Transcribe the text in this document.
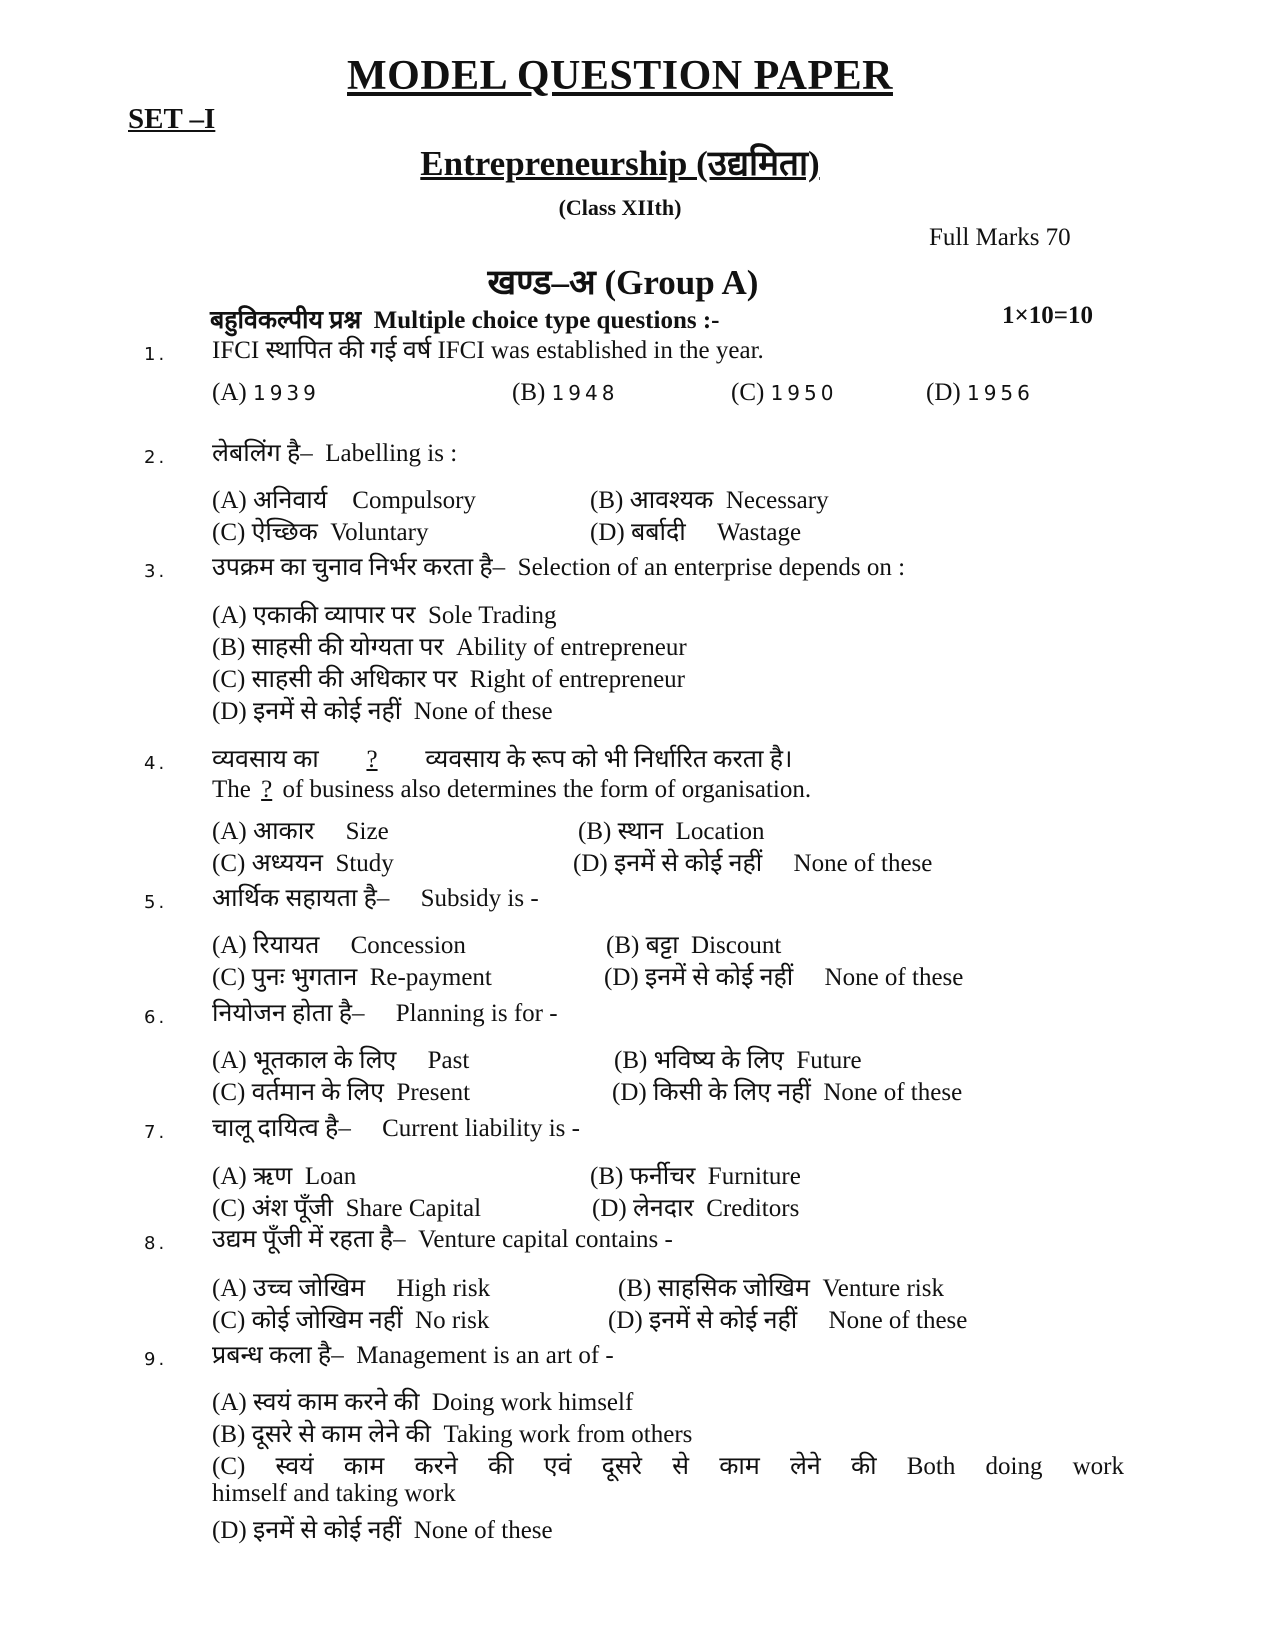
MODEL QUESTION PAPER
SET –I
Entrepreneurship (उद्यमिता)
(Class XIIth)
Full Marks 70
खण्ड–अ (Group A)
बहुविकल्पीय प्रश्न  Multiple choice type questions :-	1×10=10
1. IFCI स्थापित की गई वर्ष IFCI was established in the year.
(A) 1939	(B) 1948	(C) 1950	(D) 1956
2. लेबलिंग है–  Labelling is :
(A) अनिवार्य    Compulsory	(B) आवश्यक  Necessary
(C) ऐच्छिक  Voluntary	(D) बर्बादी     Wastage
3. उपक्रम का चुनाव निर्भर करता है–  Selection of an enterprise depends on :
(A) एकाकी व्यापार पर  Sole Trading
(B) साहसी की योग्यता पर  Ability of entrepreneur
(C) साहसी की अधिकार पर  Right of entrepreneur
(D) इनमें से कोई नहीं  None of these
4. व्यवसाय का ? व्यवसाय के रूप को भी निर्धारित करता है।
The ? of business also determines the form of organisation.
(A) आकार     Size	(B) स्थान  Location
(C) अध्ययन  Study	(D) इनमें से कोई नहीं     None of these
5. आर्थिक सहायता है–     Subsidy is -
(A) रियायत     Concession	(B) बट्टा  Discount
(C) पुनः भुगतान  Re-payment	(D) इनमें से कोई नहीं     None of these
6. नियोजन होता है–     Planning is for -
(A) भूतकाल के लिए     Past	(B) भविष्य के लिए  Future
(C) वर्तमान के लिए  Present	(D) किसी के लिए नहीं  None of these
7. चालू दायित्व है–     Current liability is -
(A) ऋण  Loan	(B) फर्नीचर  Furniture
(C) अंश पूँजी  Share Capital	(D) लेनदार  Creditors
8. उद्यम पूँजी में रहता है–  Venture capital contains -
(A) उच्च जोखिम     High risk	(B) साहसिक जोखिम  Venture risk
(C) कोई जोखिम नहीं  No risk	(D) इनमें से कोई नहीं     None of these
9. प्रबन्ध कला है–  Management is an art of -
(A) स्वयं काम करने की  Doing work himself
(B) दूसरे से काम लेने की  Taking work from others
(C) स्वयं काम करने की एवं दूसरे से काम लेने की Both doing work
himself and taking work
(D) इनमें से कोई नहीं  None of these
